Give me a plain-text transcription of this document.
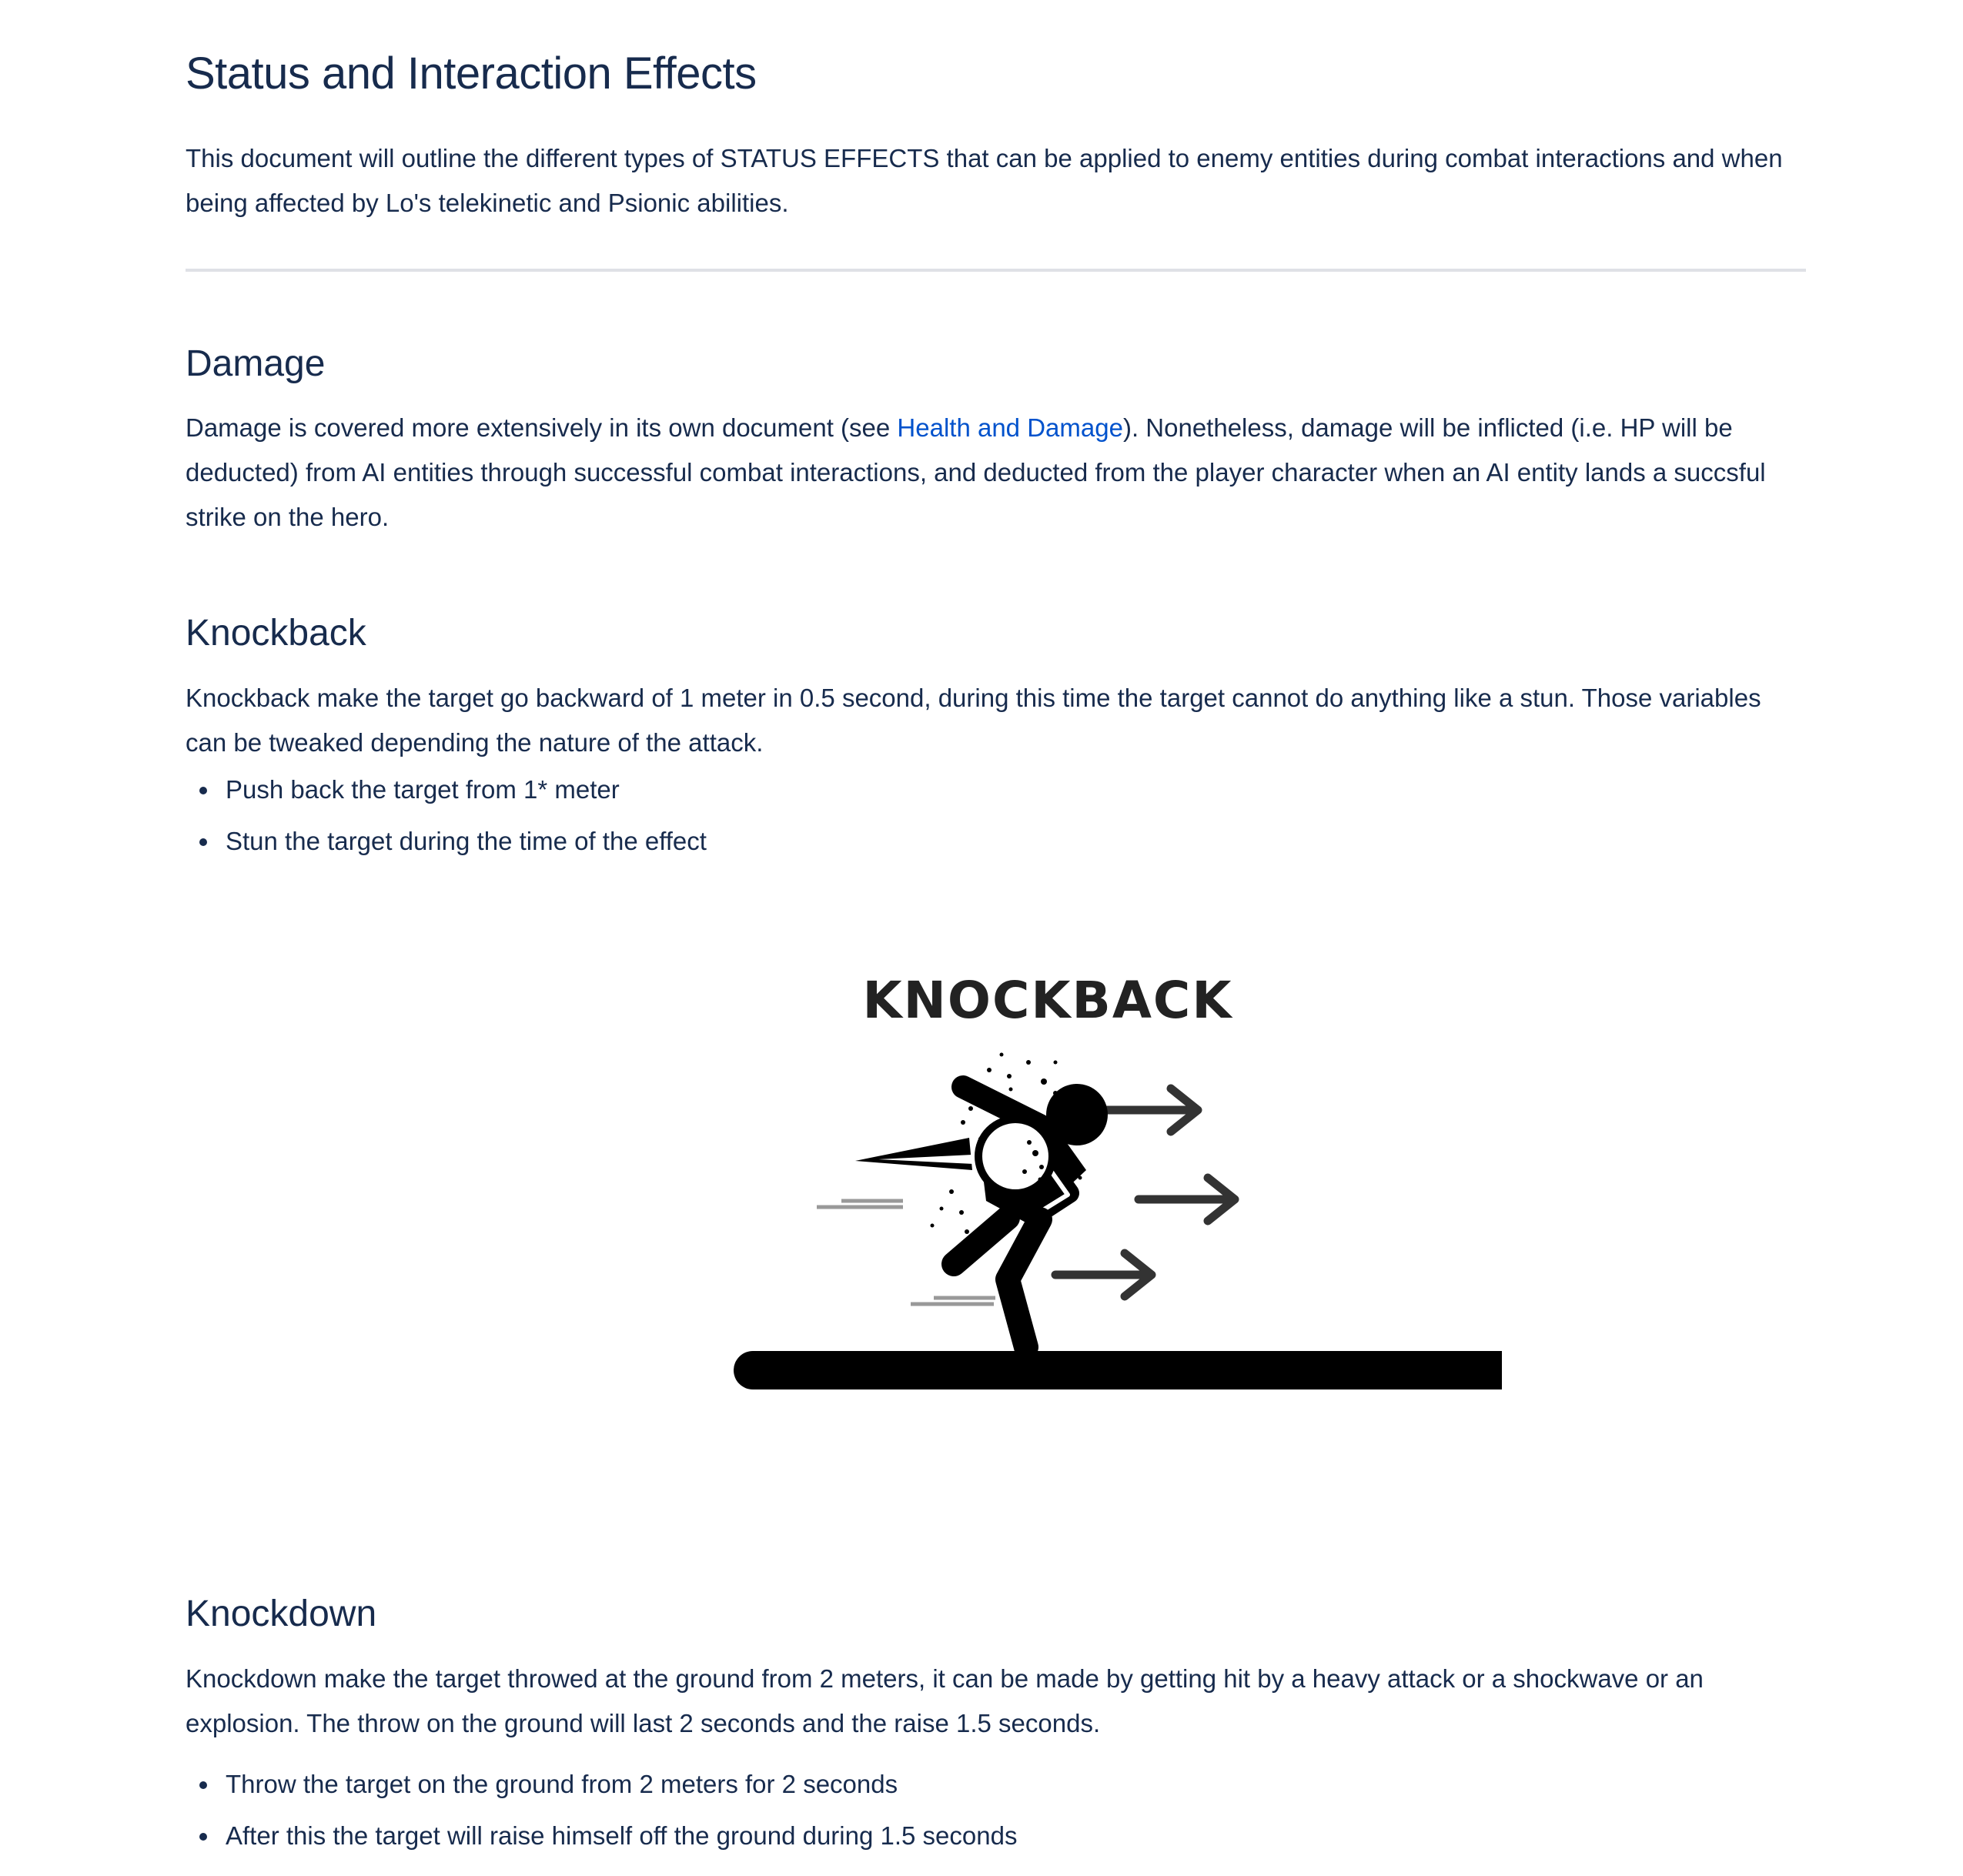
Status and Interaction Effects

This document will outline the different types of STATUS EFFECTS that can be applied to enemy entities during combat interactions and when being affected by Lo's telekinetic and Psionic abilities.

Damage

Damage is covered more extensively in its own document (see Health and Damage). Nonetheless, damage will be inflicted (i.e. HP will be deducted) from AI entities through successful combat interactions, and deducted from the player character when an AI entity lands a succsful strike on the hero.

Knockback

Knockback make the target go backward of 1 meter in 0.5 second, during this time the target cannot do anything like a stun. Those variables can be tweaked depending the nature of the attack.

Push back the target from 1* meter
Stun the target during the time of the effect
KNOCKBACK
Knockdown

Knockdown make the target throwed at the ground from 2 meters, it can be made by getting hit by a heavy attack or a shockwave or an explosion. The throw on the ground will last 2 seconds and the raise 1.5 seconds.

Throw the target on the ground from 2 meters for 2 seconds
After this the target will raise himself off the ground during 1.5 seconds
